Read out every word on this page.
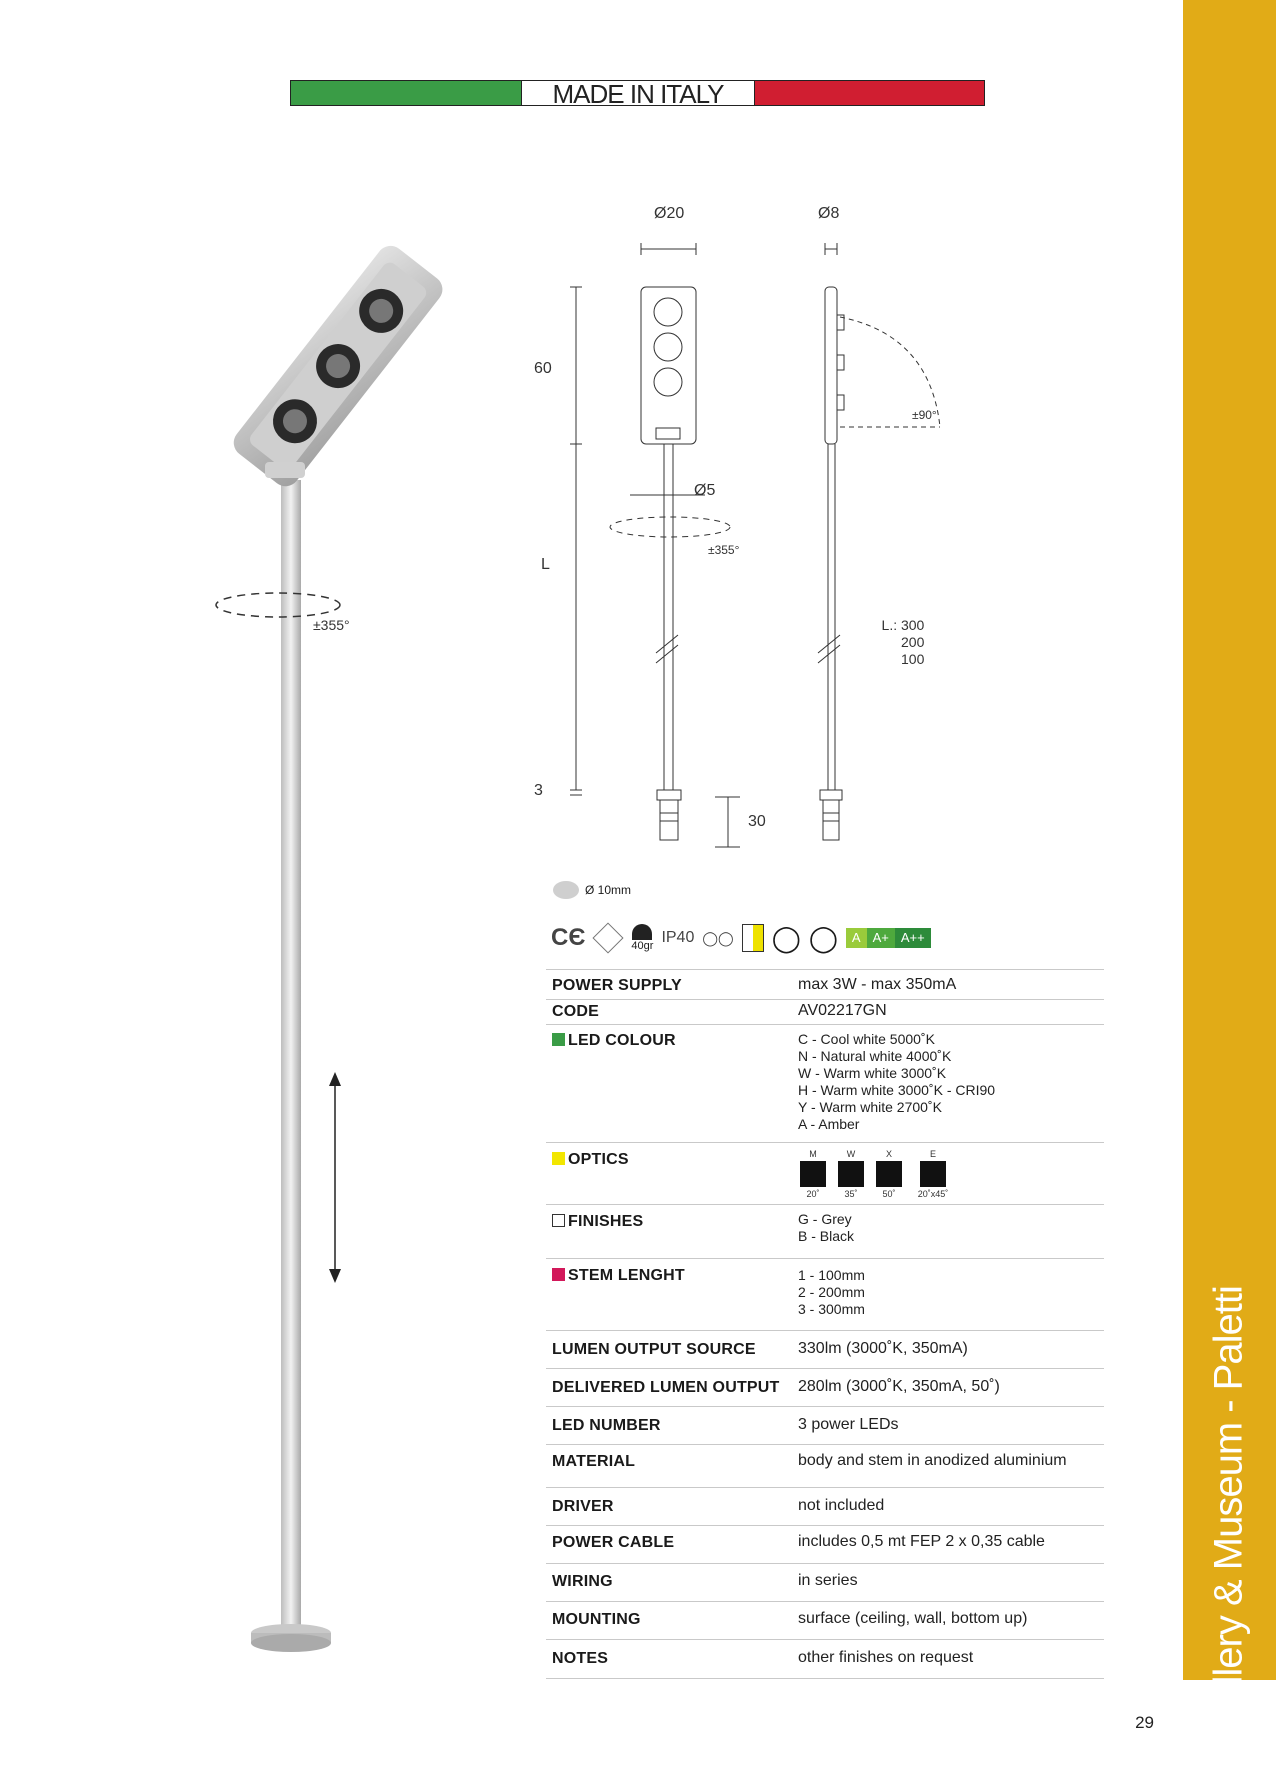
MADE IN ITALY
±355°
Ø20	Ø8
60
Ø5
±355°
±90°
L
L.: 300
200
100
3
30
Ø 10mm
CЄ	40gr IP40 ◯◯ ◯ ◯	A A+ A++
POWER SUPPLY	max 3W - max 350mA
CODE	AV02217GN
LED COLOUR	C - Cool white 5000˚K
N - Natural white 4000˚K
W - Warm white 3000˚K
H - Warm white 3000˚K - CRI90
Y - Warm white 2700˚K
A - Amber
OPTICS	M
20˚
W
35˚
X
50˚
E
20˚x45˚
FINISHES	G - Grey
B - Black
STEM LENGHT	1 - 100mm
2 - 200mm
3 - 300mm
LUMEN OUTPUT SOURCE	330lm (3000˚K, 350mA)
DELIVERED LUMEN OUTPUT 280lm (3000˚K, 350mA, 50˚)
LED NUMBER	3 power LEDs
MATERIAL	body and stem in anodized aluminium
DRIVER	not included
POWER CABLE	includes 0,5 mt FEP 2 x 0,35 cable
WIRING	in series
MOUNTING	surface (ceiling, wall, bottom up)
NOTES	other finishes on request	Jewellery & Museum - Paletti
29
